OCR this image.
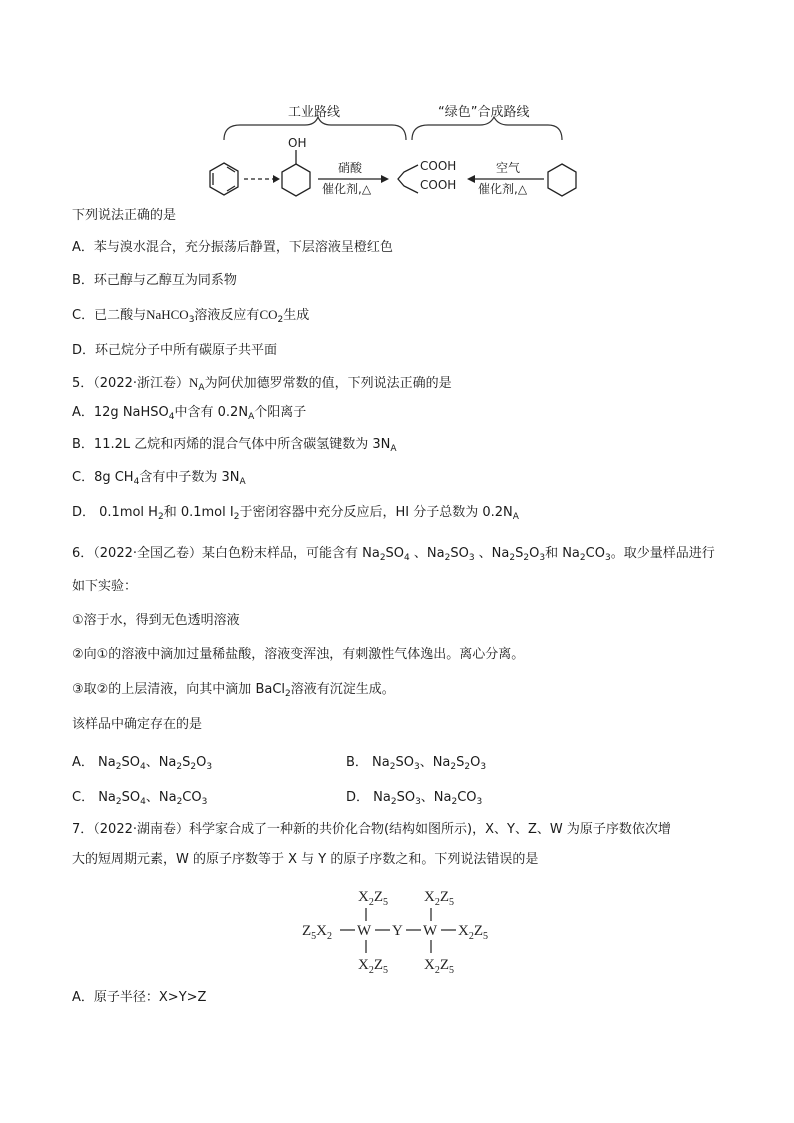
工业路线	“绿色”合成路线
OH
硝酸
催化剂,△
COOH
COOH
空气
催化剂,△
下列说法正确的是
A．苯与溴水混合，充分振荡后静置，下层溶液呈橙红色
B．环己醇与乙醇互为同系物
C．已二酸与NaHCO$_3$溶液反应有$CO_2$生成
D．环己烷分子中所有碳原子共平面
5．（2022·浙江卷）$N_A$为阿伏加德罗常数的值，下列说法正确的是
A．12g NaHSO$_4$中含有 $0.2N_A$个阳离子
B．11.2L 乙烷和丙烯的混合气体中所含碳氢键数为 $3N_A$
C．8g $CH_4$含有中子数为 $3N_A$
D． 0.1mol $H_2$和 0.1mol $I_2$于密闭容器中充分反应后，HI 分子总数为 $0.2N_A$
6．（2022·全国乙卷）某白色粉末样品，可能含有 $Na_2SO_4$ 、$Na_2SO_3$ 、$Na_2S_2O_3$和 $Na_2CO_3$。取少量样品进行
如下实验：
①溶于水，得到无色透明溶液
②向①的溶液中滴加过量稀盐酸，溶液变浑浊，有刺激性气体逸出。离心分离。
③取②的上层清液，向其中滴加 BaCl$_2$溶液有沉淀生成。
该样品中确定存在的是
A． $Na_2SO_4$、$Na_2S_2O_3$	B． $Na_2SO_3$、$Na_2S_2O_3$
C． $Na_2SO_4$、$Na_2CO_3$	D． $Na_2SO_3$、$Na_2CO_3$
7．（2022·湖南卷）科学家合成了一种新的共价化合物(结构如图所示)，X、Y、Z、W 为原子序数依次增
大的短周期元素，W 的原子序数等于 X 与 Y 的原子序数之和。下列说法错误的是
$X_2Z_5$ $X_2Z_5$
$Z_5X_2$ W Y W $X_2Z_5$
$X_2Z_5$ $X_2Z_5$
A．原子半径：X>Y>Z
